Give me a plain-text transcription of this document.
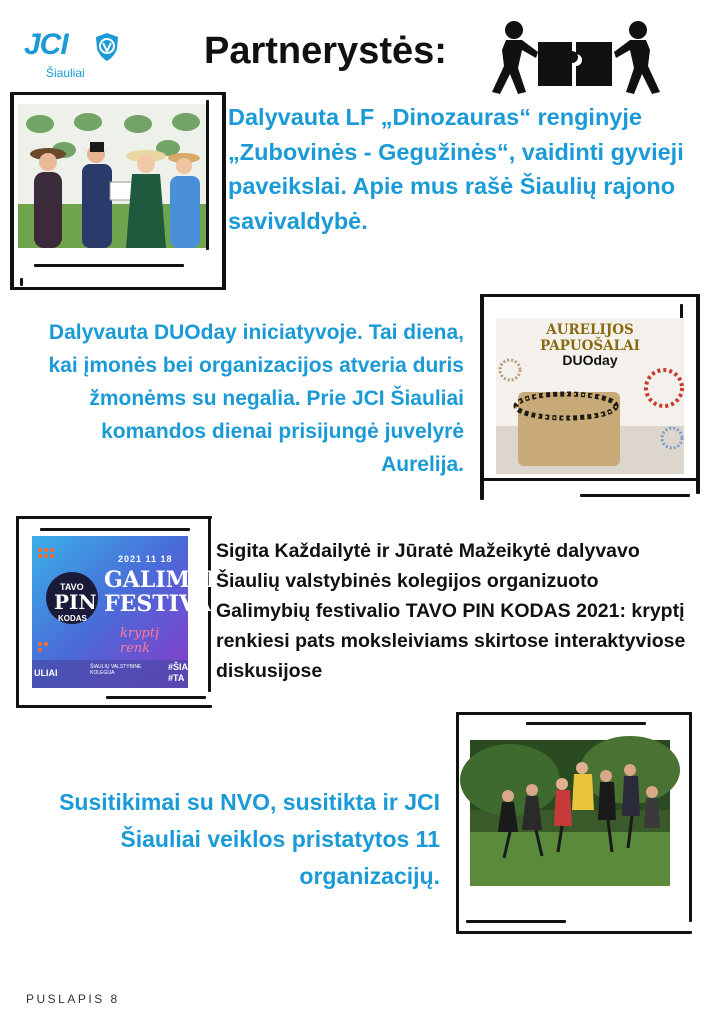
JCI
Šiauliai
Partnerystės:
Dalyvauta LF „Dinozauras“ renginyje „Zubovinės - Gegužinės“, vaidinti gyvieji paveikslai. Apie mus rašė Šiaulių rajono savivaldybė.
Dalyvauta DUOday iniciatyvoje. Tai diena, kai įmonės bei organizacijos atveria duris žmonėms su negalia. Prie JCI Šiauliai komandos dienai prisijungė juvelyrė Aurelija.
AURELIJOS PAPUOŠALAI
DUOday
2021 11 18
TAVO
PIN
KODAS
GALIMYE
FESTIVA
kryptį renk
ULIAI
ŠIAULIŲ VALSTYBINĖ KOLEGIJA
#ŠIA #TA
Sigita Každailytė ir Jūratė Mažeikytė dalyvavo Šiaulių valstybinės kolegijos organizuoto Galimybių festivalio TAVO PIN KODAS 2021: kryptį renkiesi pats moksleiviams skirtose interaktyviose diskusijose
Susitikimai su NVO, susitikta ir JCI Šiauliai veiklos pristatytos 11 organizacijų.
PUSLAPIS 8
